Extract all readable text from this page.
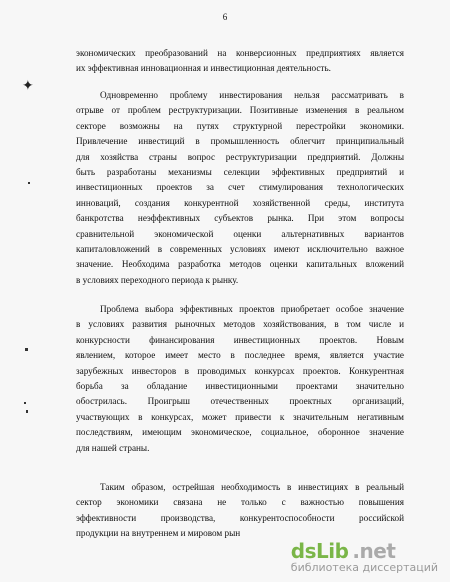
6
✦
экономических преобразований на конверсионных предприятиях является
их эффективная инновационная и инвестиционная деятельность.
Одновременно проблему инвестирования нельзя рассматривать в
отрыве от проблем реструктуризации. Позитивные изменения в реальном
секторе возможны на путях структурной перестройки экономики.
Привлечение инвестиций в промышленность облегчит принципиальный
для хозяйства страны вопрос реструктуризации предприятий. Должны
быть разработаны механизмы селекции эффективных предприятий и
инвестиционных проектов за счет стимулирования технологических
инноваций, создания конкурентной хозяйственной среды, института
банкротства неэффективных субъектов рынка. При этом вопросы
сравнительной экономической оценки альтернативных вариантов
капиталовложений в современных условиях имеют исключительно важное
значение. Необходима разработка методов оценки капитальных вложений
в условиях переходного периода к рынку.
Проблема выбора эффективных проектов приобретает особое значение
в условиях развития рыночных методов хозяйствования, в том числе и
конкурсности финансирования инвестиционных проектов. Новым
явлением, которое имеет место в последнее время, является участие
зарубежных инвесторов в проводимых конкурсах проектов. Конкурентная
борьба за обладание инвестиционными проектами значительно
обострилась. Проигрыш отечественных проектных организаций,
участвующих в конкурсах, может привести к значительным негативным
последствиям, имеющим экономическое, социальное, оборонное значение
для нашей страны.
Таким образом, острейшая необходимость в инвестициях в реальный
сектор экономики связана не только с важностью повышения
эффективности производства, конкурентоспособности российской
продукции на внутреннем и мировом рын
dsLib .net
библиотека диссертаций
